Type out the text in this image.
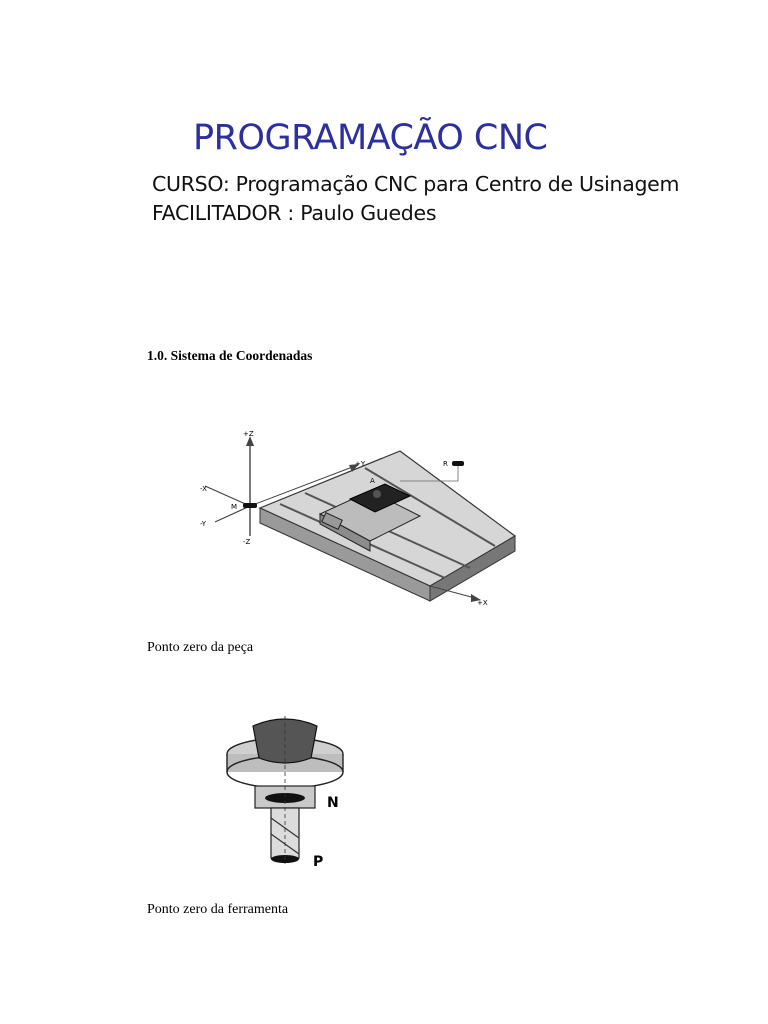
PROGRAMAÇÃO CNC
CURSO: Programação CNC para Centro de Usinagem
FACILITADOR : Paulo Guedes
1.0. Sistema de Coordenadas
+Z
-Z
+Y
-Y
-X
+X
M
A
R
Ponto zero da peça
N
P
Ponto zero da ferramenta
